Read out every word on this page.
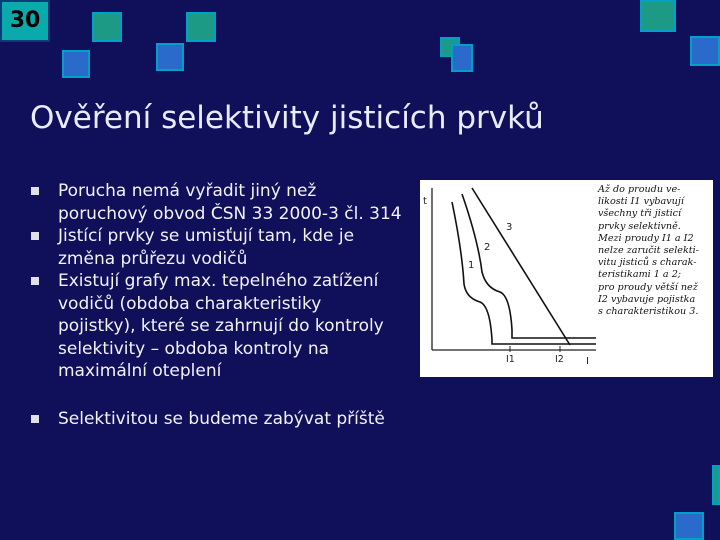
30
Ověření selektivity jisticích prvků
Porucha nemá vyřadit jiný než
poruchový obvod ČSN 33 2000-3 čl. 314
Jistící prvky se umisťují tam, kde je
změna průřezu vodičů
Existují grafy max. tepelného zatížení
vodičů (obdoba charakteristiky
pojistky), které se zahrnují do kontroly
selektivity – obdoba kontroly na
maximální oteplení
Selektivitou se budeme zabývat příště
t
I
1
2
3
I1	I2
Až do proudu ve-
likosti I1 vybavují
všechny tři jisticí
prvky selektivně.
Mezi proudy I1 a I2
nelze zaručit selekti-
vitu jisticů s charak-
teristikami 1 a 2;
pro proudy větší než
I2 vybavuje pojistka
s charakteristikou 3.
